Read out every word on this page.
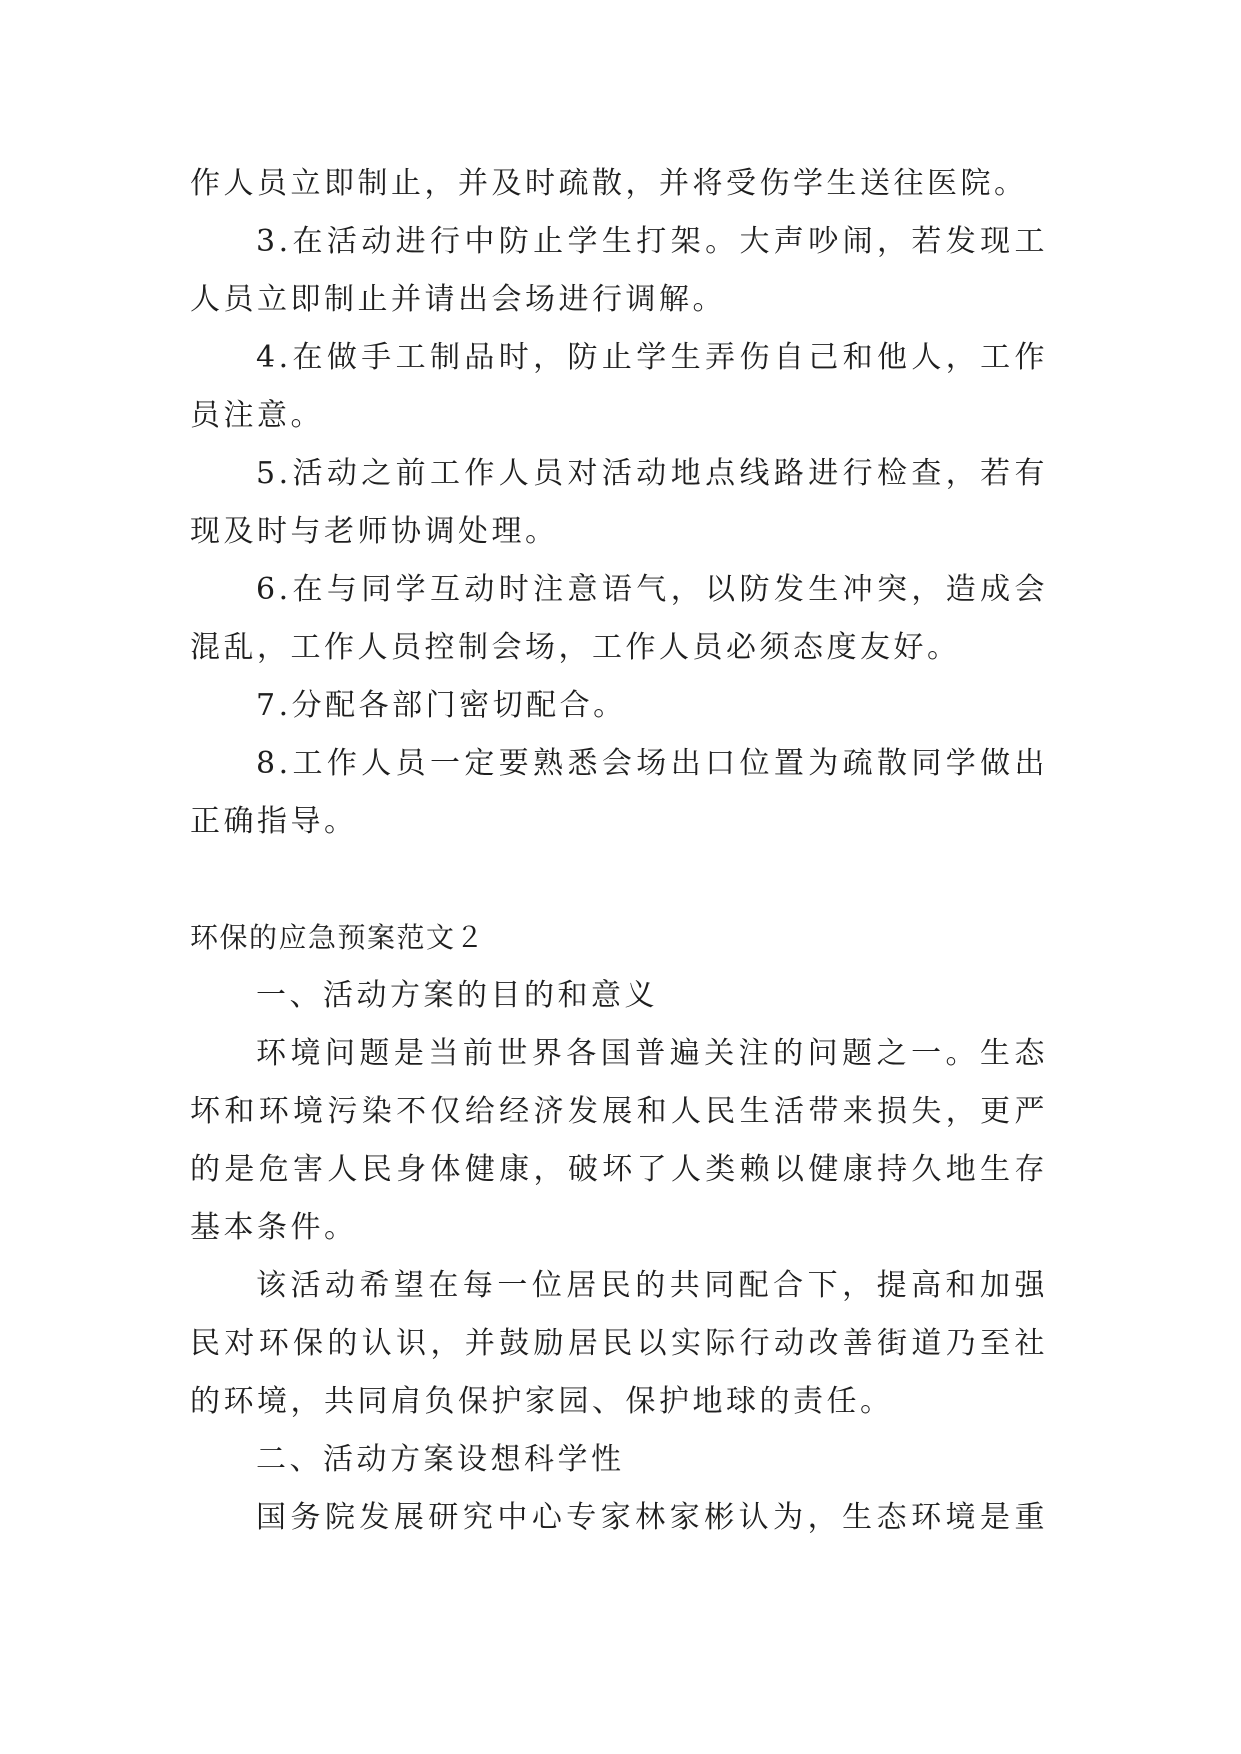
作人员立即制止，并及时疏散，并将受伤学生送往医院。
3.在活动进行中防止学生打架。大声吵闹，若发现工
人员立即制止并请出会场进行调解。
4.在做手工制品时，防止学生弄伤自己和他人，工作
员注意。
5.活动之前工作人员对活动地点线路进行检查，若有
现及时与老师协调处理。
6.在与同学互动时注意语气，以防发生冲突，造成会
混乱，工作人员控制会场，工作人员必须态度友好。
7.分配各部门密切配合。
8.工作人员一定要熟悉会场出口位置为疏散同学做出
正确指导。
环保的应急预案范文２
一、活动方案的目的和意义
环境问题是当前世界各国普遍关注的问题之一。生态
坏和环境污染不仅给经济发展和人民生活带来损失，更严
的是危害人民身体健康，破坏了人类赖以健康持久地生存
基本条件。
该活动希望在每一位居民的共同配合下，提高和加强
民对环保的认识，并鼓励居民以实际行动改善街道乃至社
的环境，共同肩负保护家园、保护地球的责任。
二、活动方案设想科学性
国务院发展研究中心专家林家彬认为，生态环境是重
